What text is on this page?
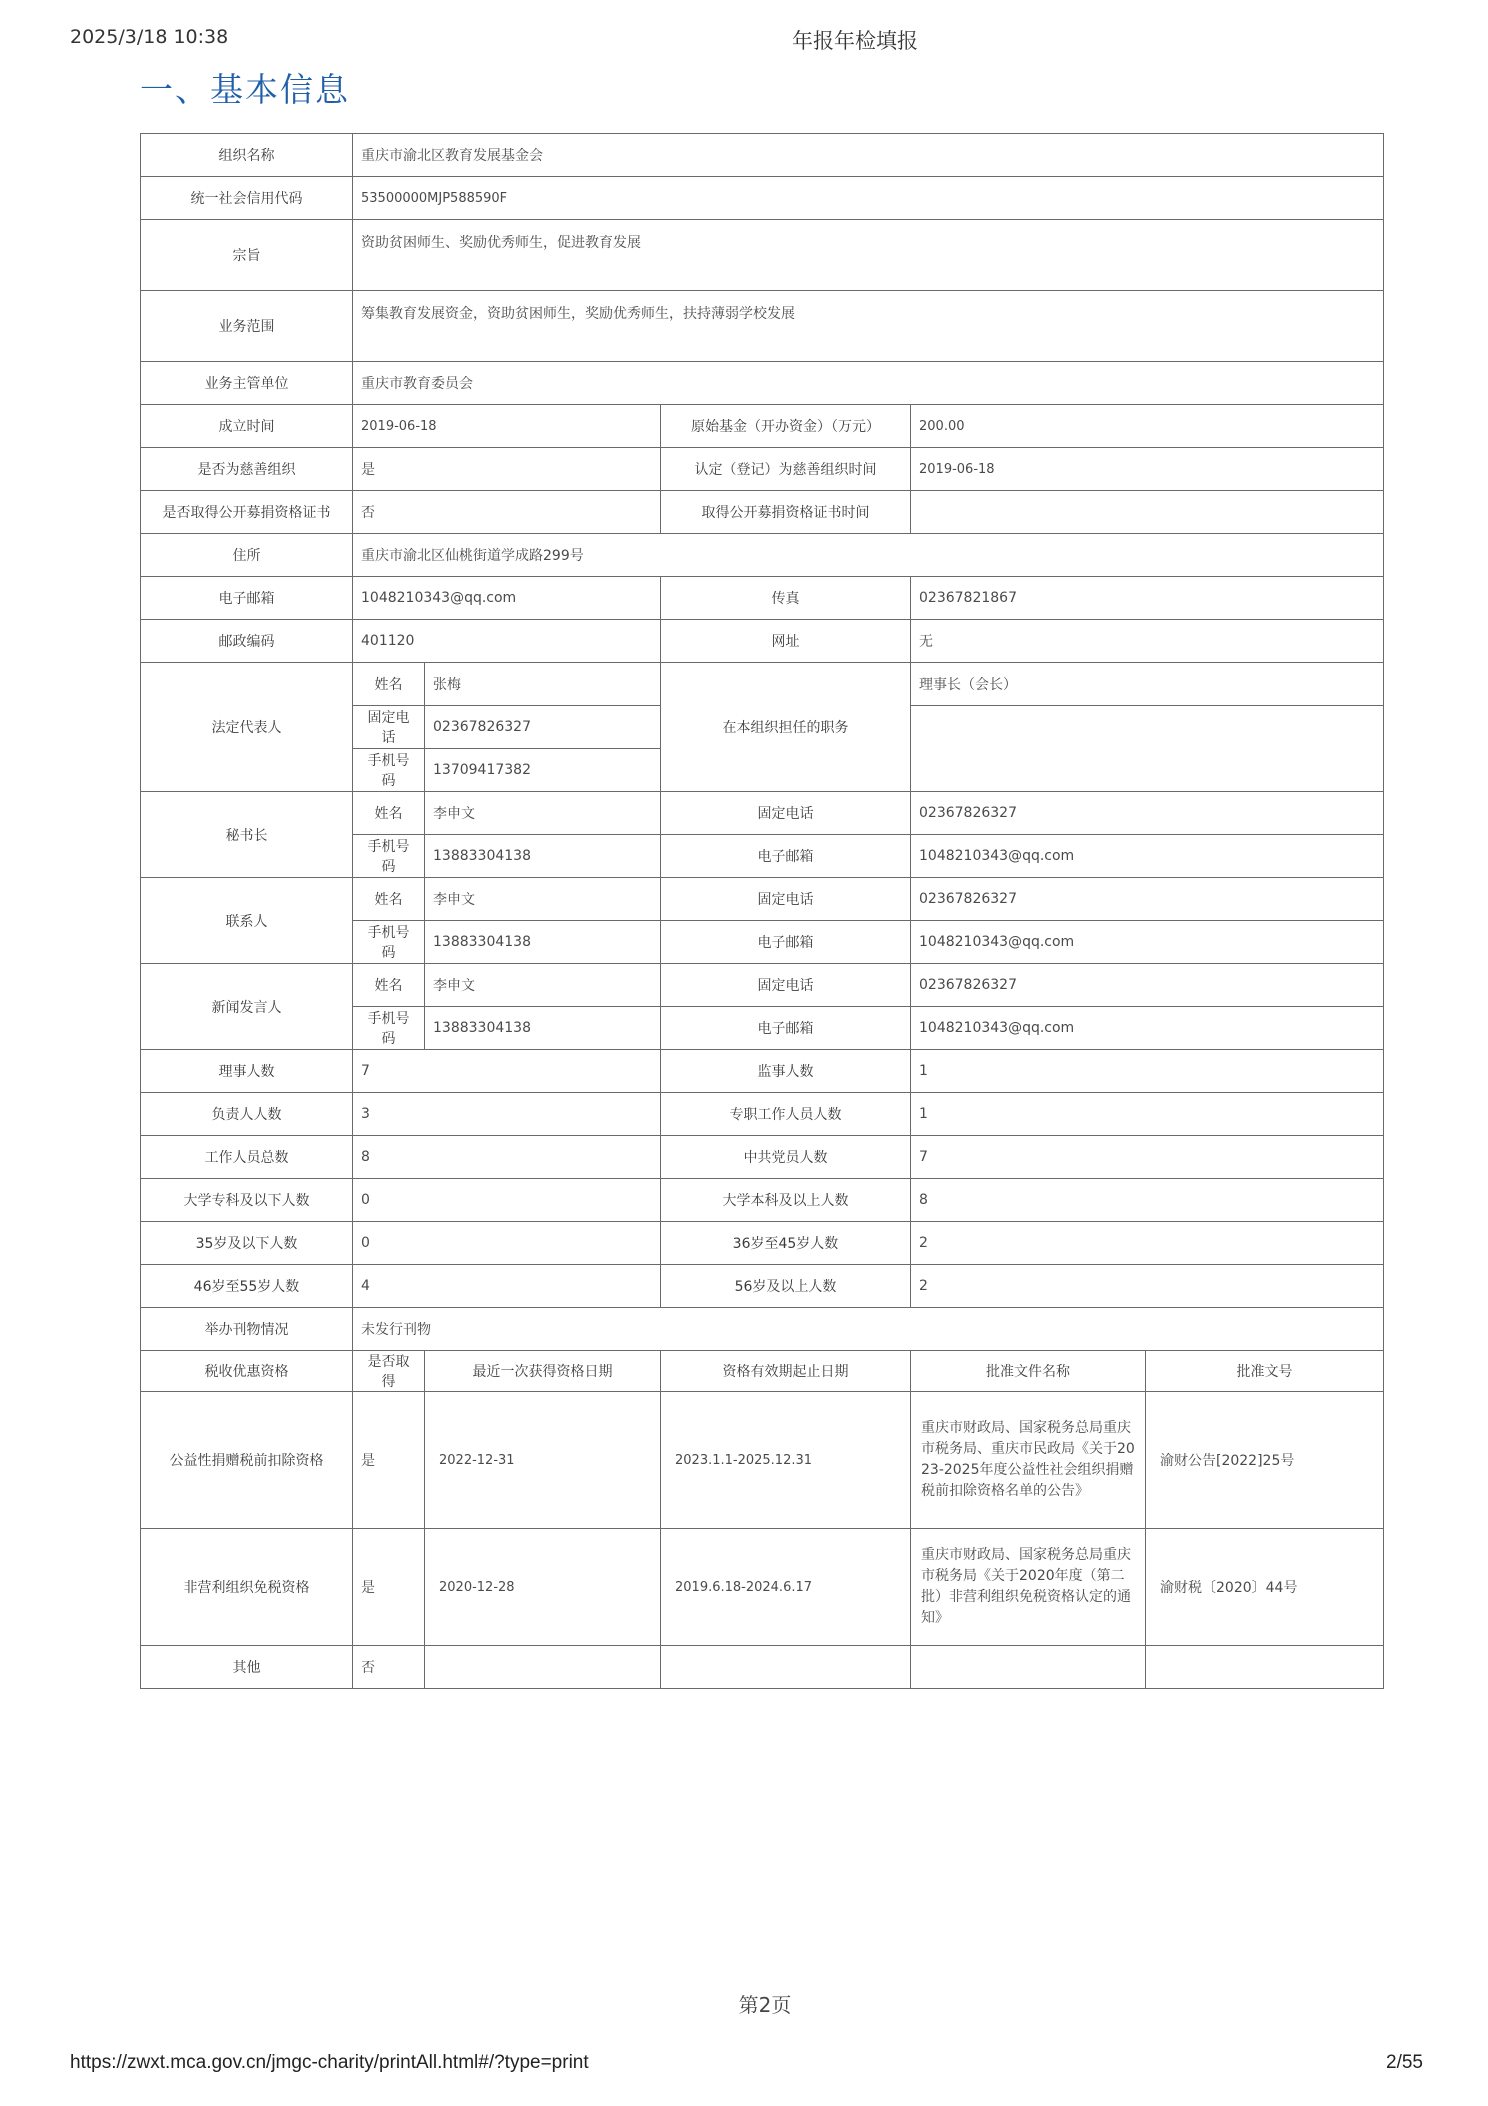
2025/3/18 10:38	年报年检填报
一、基本信息
组织名称	重庆市渝北区教育发展基金会				
统一社会信用代码	53500000MJP588590F				
宗旨	资助贫困师生、奖励优秀师生，促进教育发展				
业务范围	筹集教育发展资金，资助贫困师生，奖励优秀师生，扶持薄弱学校发展				
业务主管单位	重庆市教育委员会				
成立时间	2019-06-18		原始基金（开办资金）（万元）	200.00	
是否为慈善组织	是		认定（登记）为慈善组织时间	2019-06-18	
是否取得公开募捐资格证书	否		取得公开募捐资格证书时间		
住所	重庆市渝北区仙桃街道学成路299号				
电子邮箱	1048210343@qq.com		传真	02367821867	
邮政编码	401120		网址	无	
法定代表人	姓名	张梅	在本组织担任的职务	理事长（会长）	
	固定电话	02367826327			
	手机号码	13709417382			
秘书长	姓名	李申文	固定电话	02367826327	
	手机号码	13883304138	电子邮箱	1048210343@qq.com	
联系人	姓名	李申文	固定电话	02367826327	
	手机号码	13883304138	电子邮箱	1048210343@qq.com	
新闻发言人	姓名	李申文	固定电话	02367826327	
	手机号码	13883304138	电子邮箱	1048210343@qq.com	
理事人数	7		监事人数	1	
负责人人数	3		专职工作人员人数	1	
工作人员总数	8		中共党员人数	7	
大学专科及以下人数	0		大学本科及以上人数	8	
35岁及以下人数	0		36岁至45岁人数	2	
46岁至55岁人数	4		56岁及以上人数	2	
举办刊物情况	未发行刊物				
税收优惠资格	是否取得	最近一次获得资格日期	资格有效期起止日期	批准文件名称	批准文号
公益性捐赠税前扣除资格	是	2022-12-31	2023.1.1-2025.12.31	重庆市财政局、国家税务总局重庆市税务局、重庆市民政局《关于2023-2025年度公益性社会组织捐赠税前扣除资格名单的公告》	渝财公告[2022]25号
非营利组织免税资格	是	2020-12-28	2019.6.18-2024.6.17	重庆市财政局、国家税务总局重庆市税务局《关于2020年度（第二批）非营利组织免税资格认定的通知》	渝财税〔2020〕44号
其他	否				
第2页
https://zwxt.mca.gov.cn/jmgc-charity/printAll.html#/?type=print	2/55
